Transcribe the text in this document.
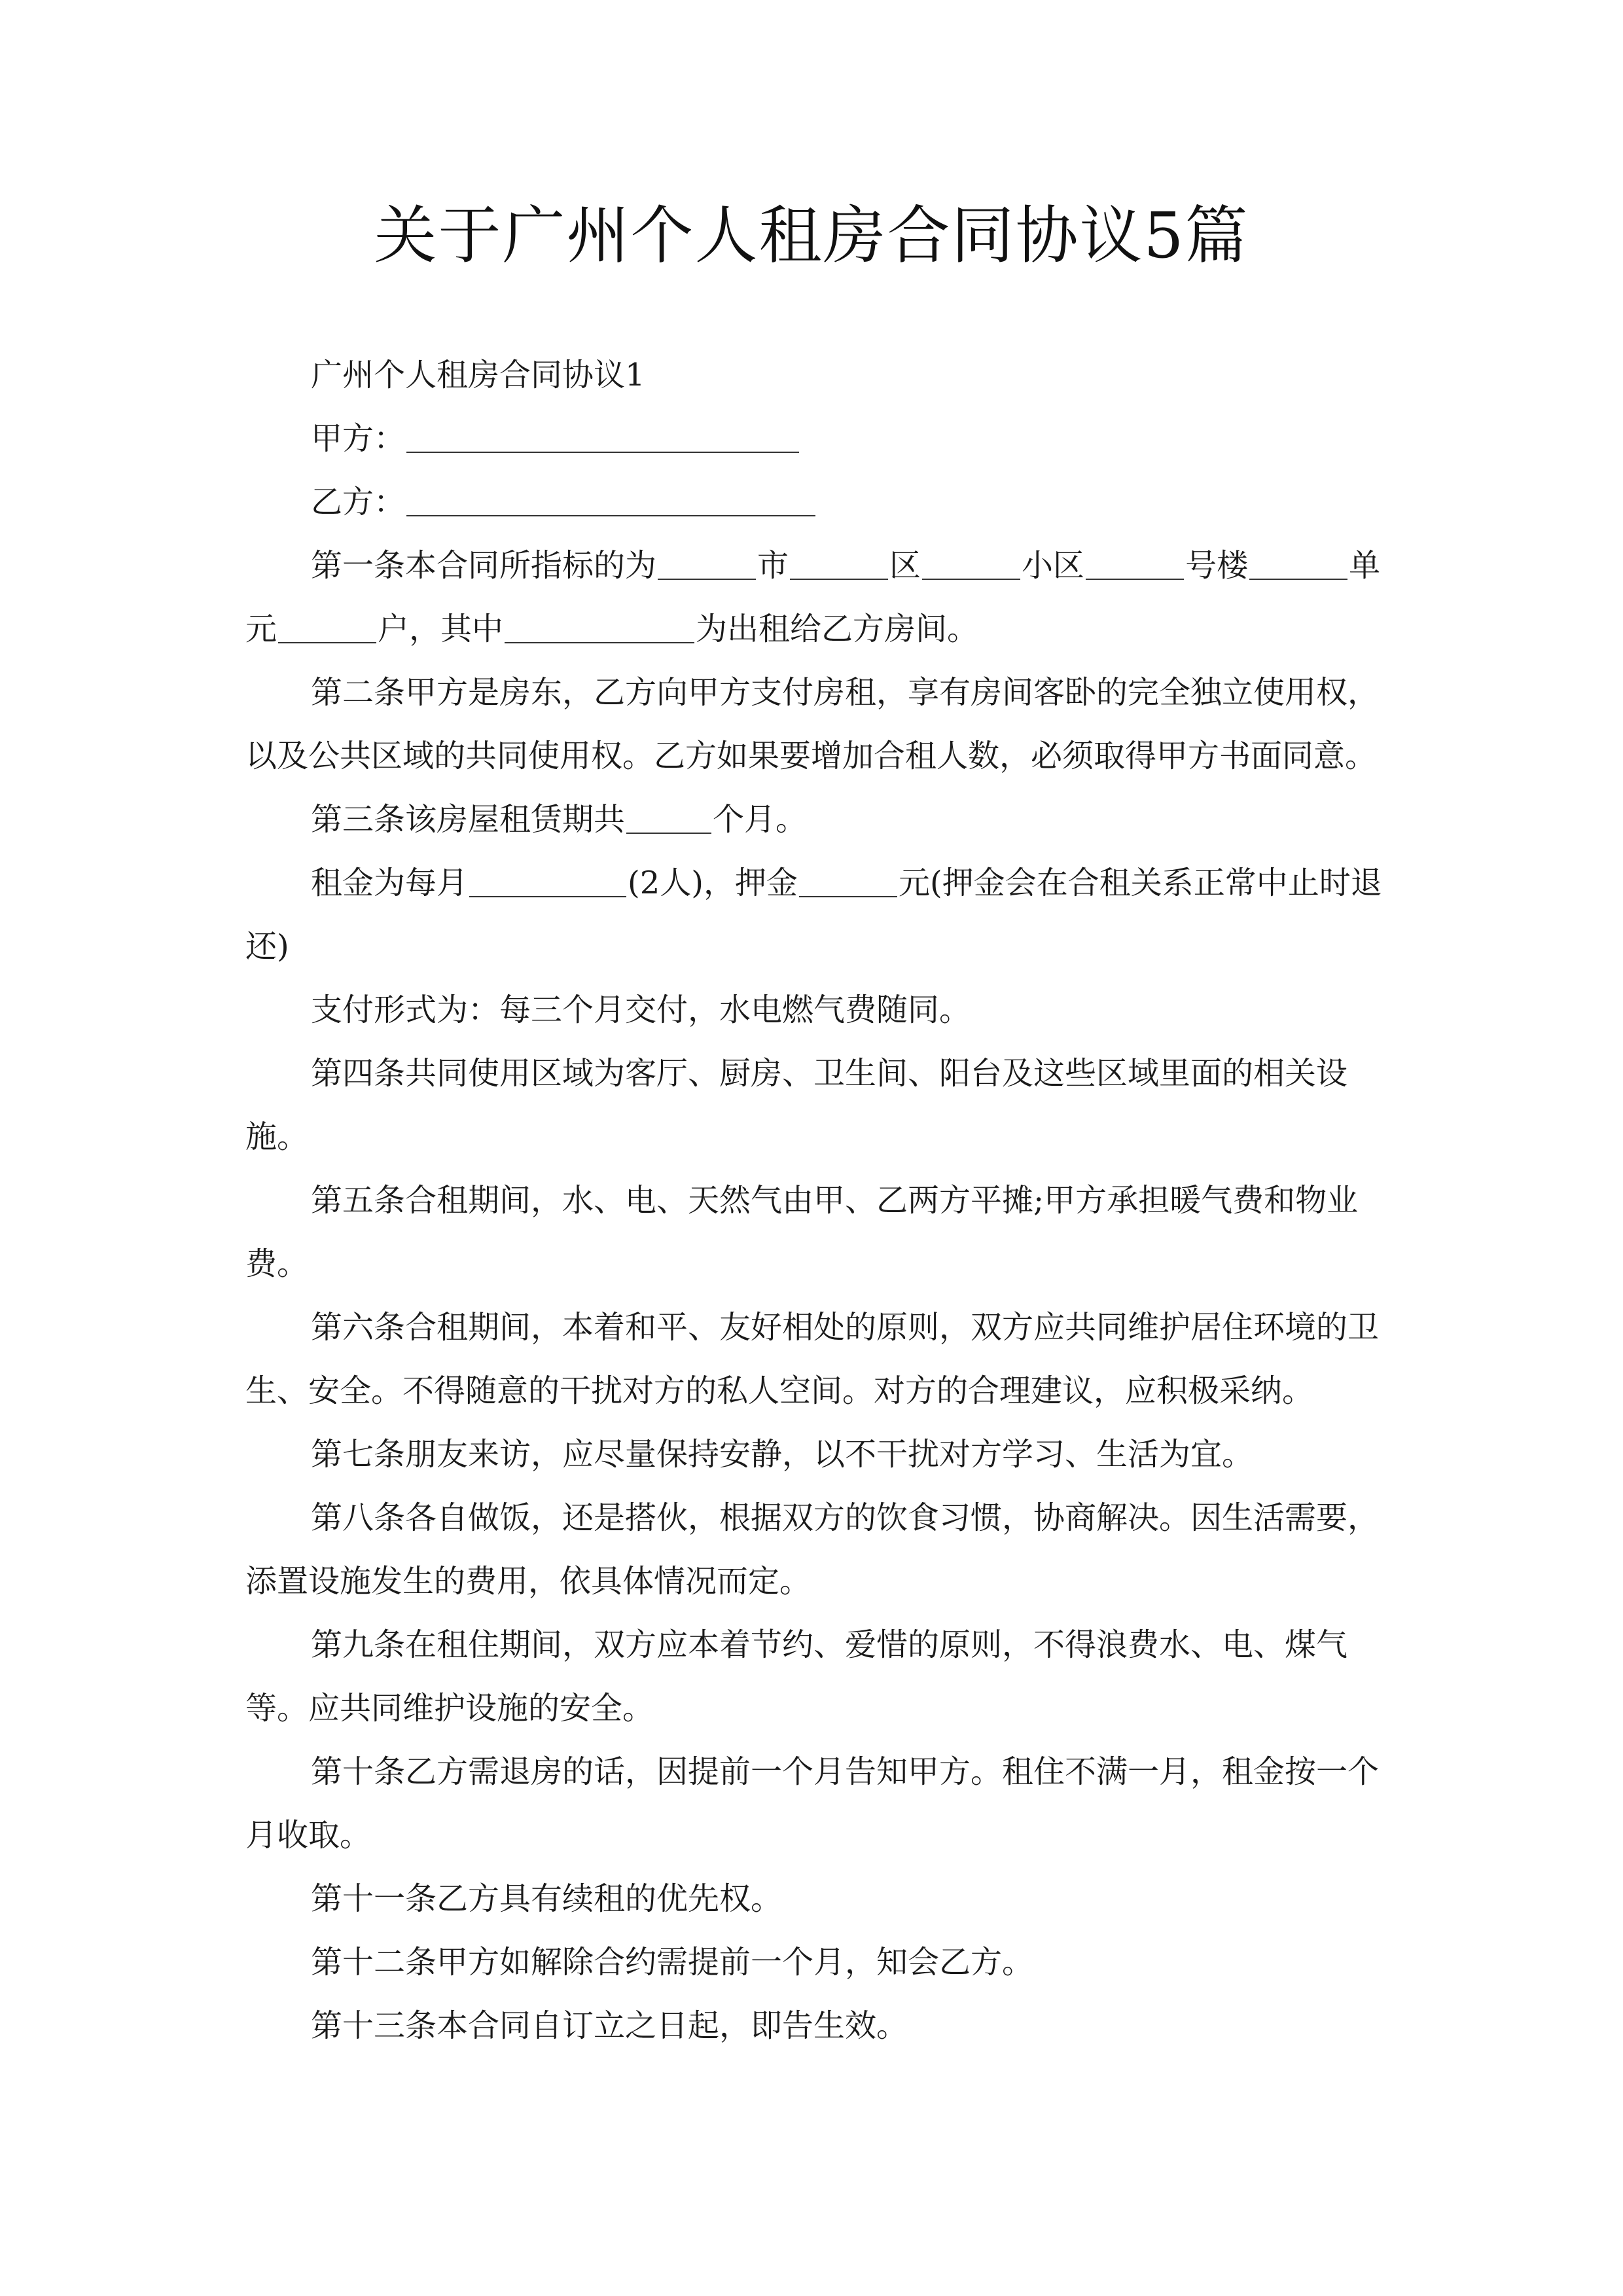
关于广州个人租房合同协议5篇

广州个人租房合同协议1

甲方：

乙方：

第一条本合同所指标的为	市	区	小区	号楼	单元	户，其中	为出租给乙方房间。

第二条甲方是房东，乙方向甲方支付房租，享有房间客卧的完全独立使用权，以及公共区域的共同使用权。乙方如果要增加合租人数，必须取得甲方书面同意。

第三条该房屋租赁期共	个月。

租金为每月	(2人)，押金	元(押金会在合租关系正常中止时退还)

支付形式为：每三个月交付，水电燃气费随同。

第四条共同使用区域为客厅、厨房、卫生间、阳台及这些区域里面的相关设施。

第五条合租期间，水、电、天然气由甲、乙两方平摊;甲方承担暖气费和物业费。

第六条合租期间，本着和平、友好相处的原则，双方应共同维护居住环境的卫生、安全。不得随意的干扰对方的私人空间。对方的合理建议，应积极采纳。

第七条朋友来访，应尽量保持安静，以不干扰对方学习、生活为宜。

第八条各自做饭，还是搭伙，根据双方的饮食习惯，协商解决。因生活需要，添置设施发生的费用，依具体情况而定。

第九条在租住期间，双方应本着节约、爱惜的原则，不得浪费水、电、煤气等。应共同维护设施的安全。

第十条乙方需退房的话，因提前一个月告知甲方。租住不满一月，租金按一个月收取。

第十一条乙方具有续租的优先权。

第十二条甲方如解除合约需提前一个月，知会乙方。

第十三条本合同自订立之日起，即告生效。
